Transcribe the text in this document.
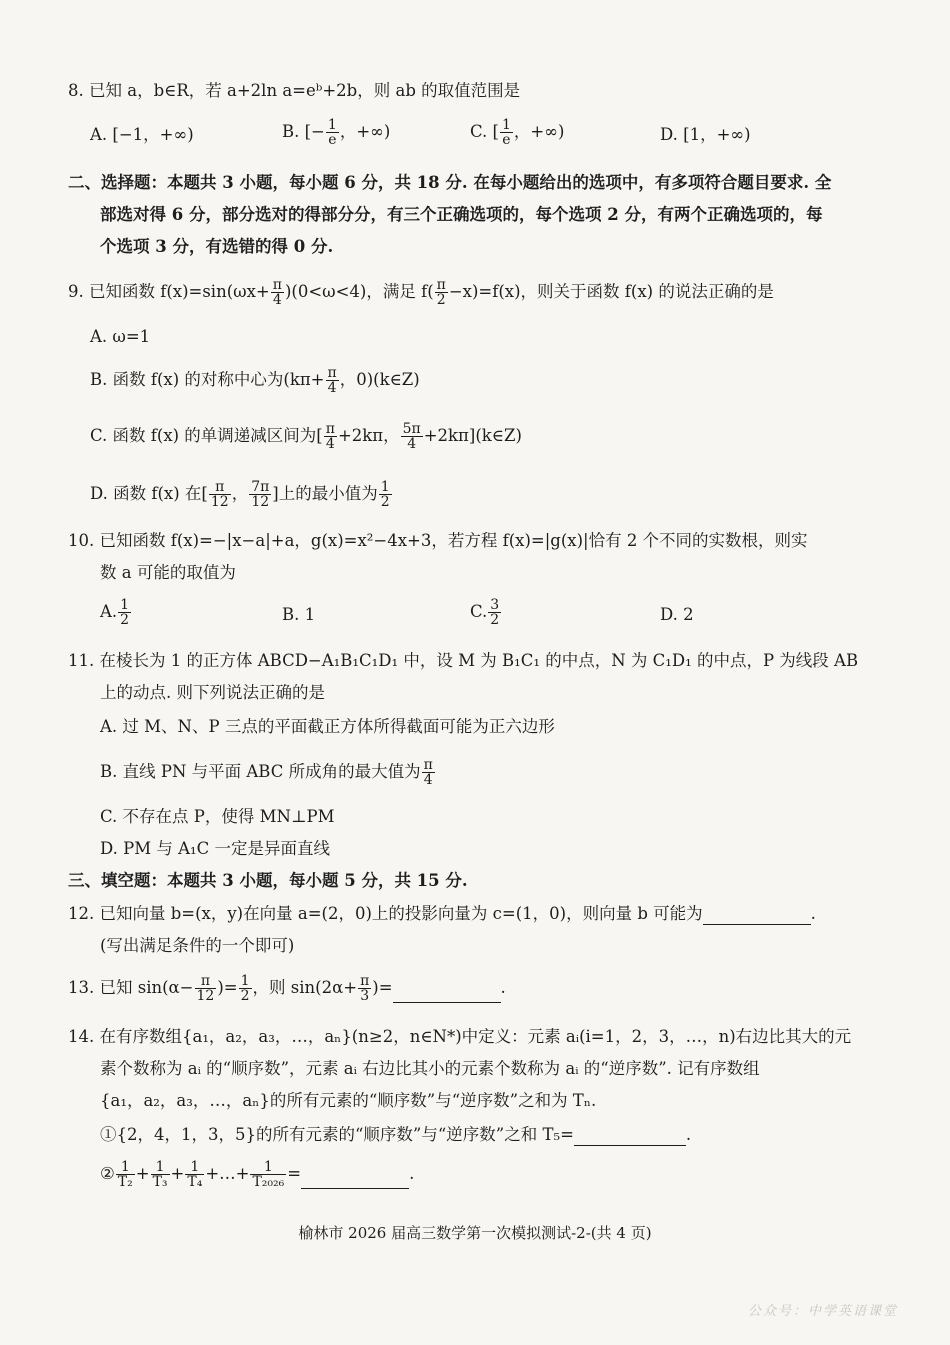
8. 已知 a，b∈R，若 a+2ln a=eᵇ+2b，则 ab 的取值范围是
A. [−1，+∞)	B. [− $\frac{1}{e}$ ，+∞)	C. [ $\frac{1}{e}$ ，+∞)	D. [1，+∞)
二、选择题：本题共 3 小题，每小题 6 分，共 18 分. 在每小题给出的选项中，有多项符合题目要求. 全
部选对得 6 分，部分选对的得部分分，有三个正确选项的，每个选项 2 分，有两个正确选项的，每
个选项 3 分，有选错的得 0 分.
9. 已知函数 $f(x)=\sin(\omega x+ \frac{\pi}{4} )(0<\omega<4)$，满足 $f( \frac{\pi}{2} -x)=f(x)$，则关于函数 f(x) 的说法正确的是
A. ω=1
B. 函数 f(x) 的对称中心为($k\pi+ \frac{\pi}{4}$ ，0)(k∈Z)
C. 函数 f(x) 的单调递减区间为[ $\frac{\pi}{4} +2k\pi$， $\frac{5\pi}{4}$ +2kπ](k∈Z)
D. 函数 f(x) 在[ $\frac{\pi}{12}$ ， $\frac{7\pi}{12}$ ]上的最小值为 $\frac{1}{2}$
10. 已知函数 f(x)=−|x−a|+a，g(x)=x²−4x+3，若方程 f(x)=|g(x)|恰有 2 个不同的实数根，则实
数 a 可能的取值为
A. $\frac{1}{2}$	B. 1	C. $\frac{3}{2}$	D. 2
11. 在棱长为 1 的正方体 ABCD−A₁B₁C₁D₁ 中，设 M 为 B₁C₁ 的中点，N 为 C₁D₁ 的中点，P 为线段 AB
上的动点. 则下列说法正确的是
A. 过 M、N、P 三点的平面截正方体所得截面可能为正六边形
B. 直线 PN 与平面 ABC 所成角的最大值为 $\frac{\pi}{4}$
C. 不存在点 P，使得 MN⊥PM
D. PM 与 A₁C 一定是异面直线
三、填空题：本题共 3 小题，每小题 5 分，共 15 分.
12. 已知向量 b=(x，y)在向量 a=(2，0)上的投影向量为 c=(1，0)，则向量 b 可能为	.
(写出满足条件的一个即可)
13. 已知 $\sin(\alpha- \frac{\pi}{12}$ )= $\frac{1}{2}$ ，则 $\sin(2\alpha+ \frac{\pi}{3}$ )=	.
14. 在有序数组{a₁，a₂，a₃，…，aₙ}(n≥2，n∈N*)中定义：元素 aᵢ(i=1，2，3，…，n)右边比其大的元
素个数称为 aᵢ 的“顺序数”，元素 aᵢ 右边比其小的元素个数称为 aᵢ 的“逆序数”. 记有序数组
{a₁，a₂，a₃，…，aₙ}的所有元素的“顺序数”与“逆序数”之和为 Tₙ.
①{2，4，1，3，5}的所有元素的“顺序数”与“逆序数”之和 T₅=	.
② $\frac{1}{\text{T₂}} + \frac{1}{\text{T₃}} + \frac{1}{\text{T₄}}$ +…+ $\frac{1}{\text{T₂₀₂₆}}$ =	.
榆林市 2026 届高三数学第一次模拟测试-2-(共 4 页)
公众号：中学英语课堂
